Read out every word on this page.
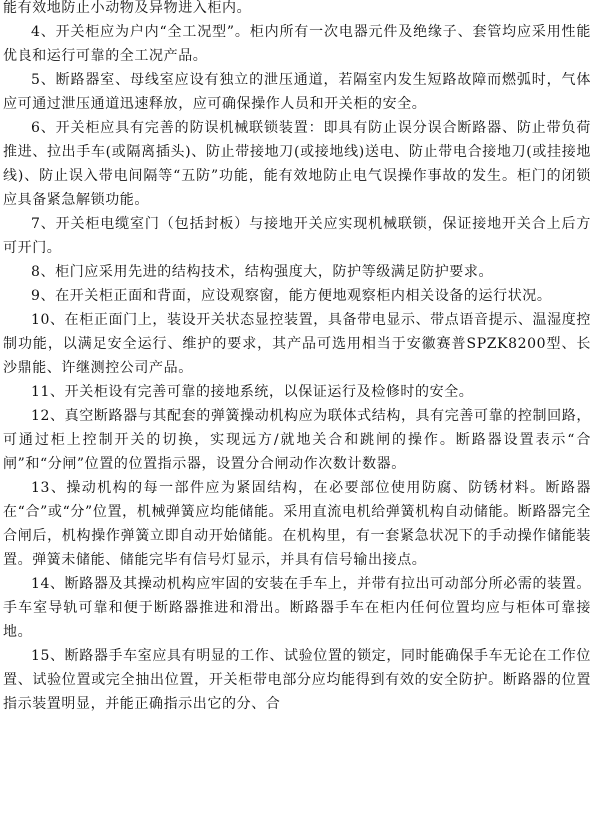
能有效地防止小动物及异物进入柜内。

4、开关柜应为户内“全工况型”。柜内所有一次电器元件及绝缘子、套管均应采用性能优良和运行可靠的全工况产品。

5、断路器室、母线室应设有独立的泄压通道，若隔室内发生短路故障而燃弧时，气体应可通过泄压通道迅速释放，应可确保操作人员和开关柜的安全。

6、开关柜应具有完善的防误机械联锁装置：即具有防止误分误合断路器、防止带负荷推进、拉出手车(或隔离插头)、防止带接地刀(或接地线)送电、防止带电合接地刀(或挂接地线)、防止误入带电间隔等“五防”功能，能有效地防止电气误操作事故的发生。柜门的闭锁应具备紧急解锁功能。

7、开关柜电缆室门（包括封板）与接地开关应实现机械联锁，保证接地开关合上后方可开门。

8、柜门应采用先进的结构技术，结构强度大，防护等级满足防护要求。

9、在开关柜正面和背面，应设观察窗，能方便地观察柜内相关设备的运行状况。

10、在柜正面门上，装设开关状态显控装置，具备带电显示、带点语音提示、温湿度控制功能，以满足安全运行、维护的要求，其产品可选用相当于安徽赛普SPZK8200型、长沙鼎能、许继测控公司产品。

11、开关柜设有完善可靠的接地系统，以保证运行及检修时的安全。

12、真空断路器与其配套的弹簧操动机构应为联体式结构，具有完善可靠的控制回路，可通过柜上控制开关的切换，实现远方/就地关合和跳闸的操作。断路器设置表示“合闸”和“分闸”位置的位置指示器，设置分合闸动作次数计数器。

13、操动机构的每一部件应为紧固结构，在必要部位使用防腐、防锈材料。断路器在“合”或“分”位置，机械弹簧应均能储能。采用直流电机给弹簧机构自动储能。断路器完全合闸后，机构操作弹簧立即自动开始储能。在机构里，有一套紧急状况下的手动操作储能装置。弹簧未储能、储能完毕有信号灯显示，并具有信号输出接点。

14、断路器及其操动机构应牢固的安装在手车上，并带有拉出可动部分所必需的装置。手车室导轨可靠和便于断路器推进和滑出。断路器手车在柜内任何位置均应与柜体可靠接地。

15、断路器手车室应具有明显的工作、试验位置的锁定，同时能确保手车无论在工作位置、试验位置或完全抽出位置，开关柜带电部分应均能得到有效的安全防护。断路器的位置指示装置明显，并能正确指示出它的分、合
